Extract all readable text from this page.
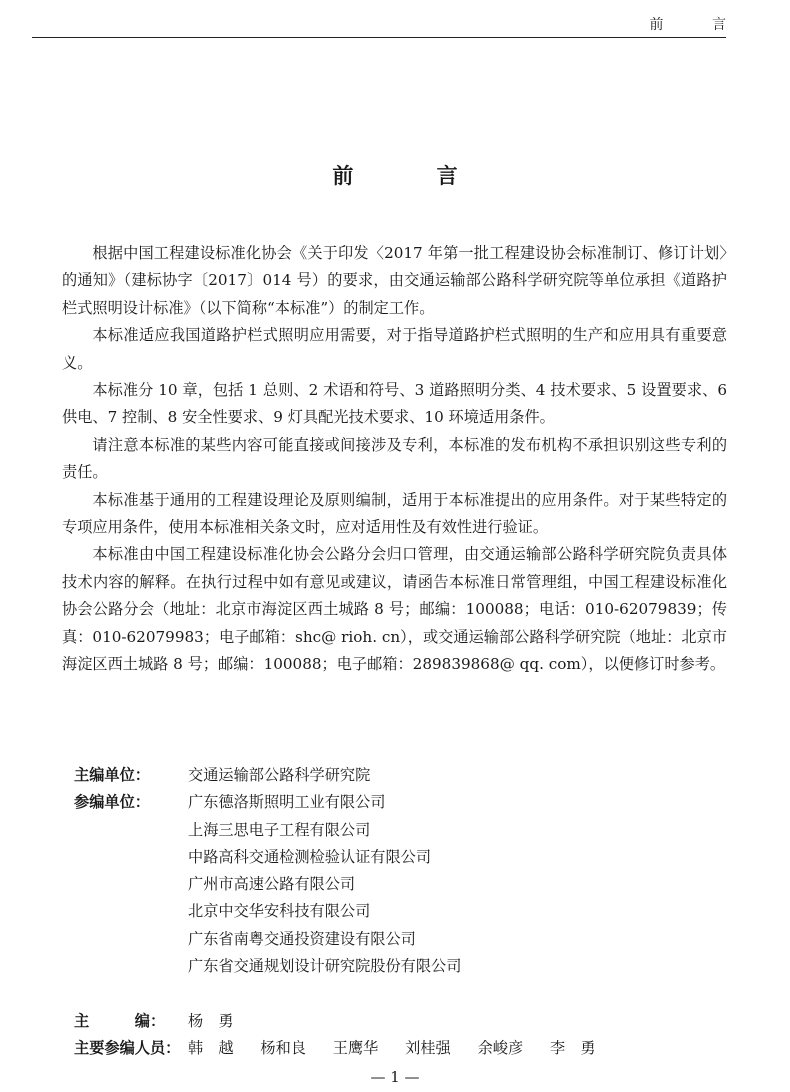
前 言
前 言

根据中国工程建设标准化协会《关于印发〈2017 年第一批工程建设协会标准制订、修订计划〉的通知》（建标协字〔2017〕014 号）的要求，由交通运输部公路科学研究院等单位承担《道路护栏式照明设计标准》（以下简称“本标准”）的制定工作。

本标准适应我国道路护栏式照明应用需要，对于指导道路护栏式照明的生产和应用具有重要意义。

本标准分 10 章，包括 1 总则、2 术语和符号、3 道路照明分类、4 技术要求、5 设置要求、6 供电、7 控制、8 安全性要求、9 灯具配光技术要求、10 环境适用条件。

请注意本标准的某些内容可能直接或间接涉及专利，本标准的发布机构不承担识别这些专利的责任。

本标准基于通用的工程建设理论及原则编制，适用于本标准提出的应用条件。对于某些特定的专项应用条件，使用本标准相关条文时，应对适用性及有效性进行验证。

本标准由中国工程建设标准化协会公路分会归口管理，由交通运输部公路科学研究院负责具体技术内容的解释。在执行过程中如有意见或建议，请函告本标准日常管理组，中国工程建设标准化协会公路分会（地址：北京市海淀区西土城路 8 号；邮编：100088；电话：010-62079839；传真：010-62079983；电子邮箱：shc@ rioh. cn），或交通运输部公路科学研究院（地址：北京市海淀区西土城路 8 号；邮编：100088；电子邮箱：289839868@ qq. com），以便修订时参考。

主编单位：	交通运输部公路科学研究院
参编单位：	广东德洛斯照明工业有限公司
上海三思电子工程有限公司
中路高科交通检测检验认证有限公司
广州市高速公路有限公司
北京中交华安科技有限公司
广东省南粤交通投资建设有限公司
广东省交通规划设计研究院股份有限公司
主　　　编：	杨　勇
主要参编人员： 韩　越 杨和良 王鹰华 刘桂强 余峻彦 李　勇
— 1 —
